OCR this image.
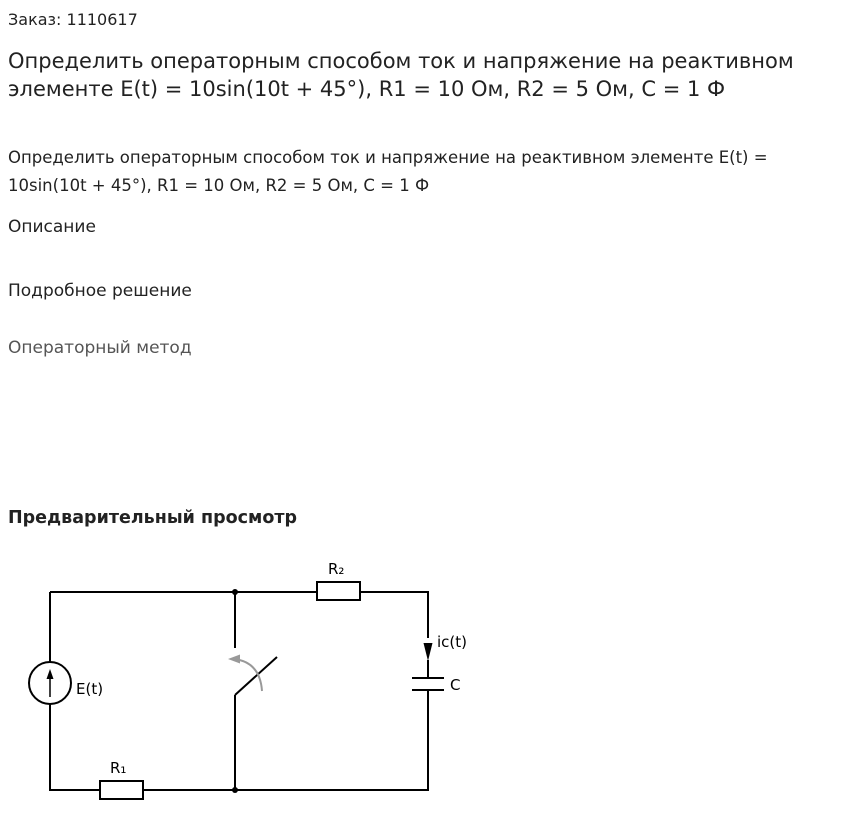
Заказ: 1110617
Определить операторным способом ток и напряжение на реактивном элементе E(t) = 10sin(10t + 45°), R1 = 10 Ом, R2 = 5 Ом, C = 1 Ф
Определить операторным способом ток и напряжение на реактивном элементе E(t) = 10sin(10t + 45°), R1 = 10 Ом, R2 = 5 Ом, C = 1 Ф
Описание
Подробное решение
Операторный метод
Предварительный просмотр
R₂
R₁
E(t)
ic(t)
C
